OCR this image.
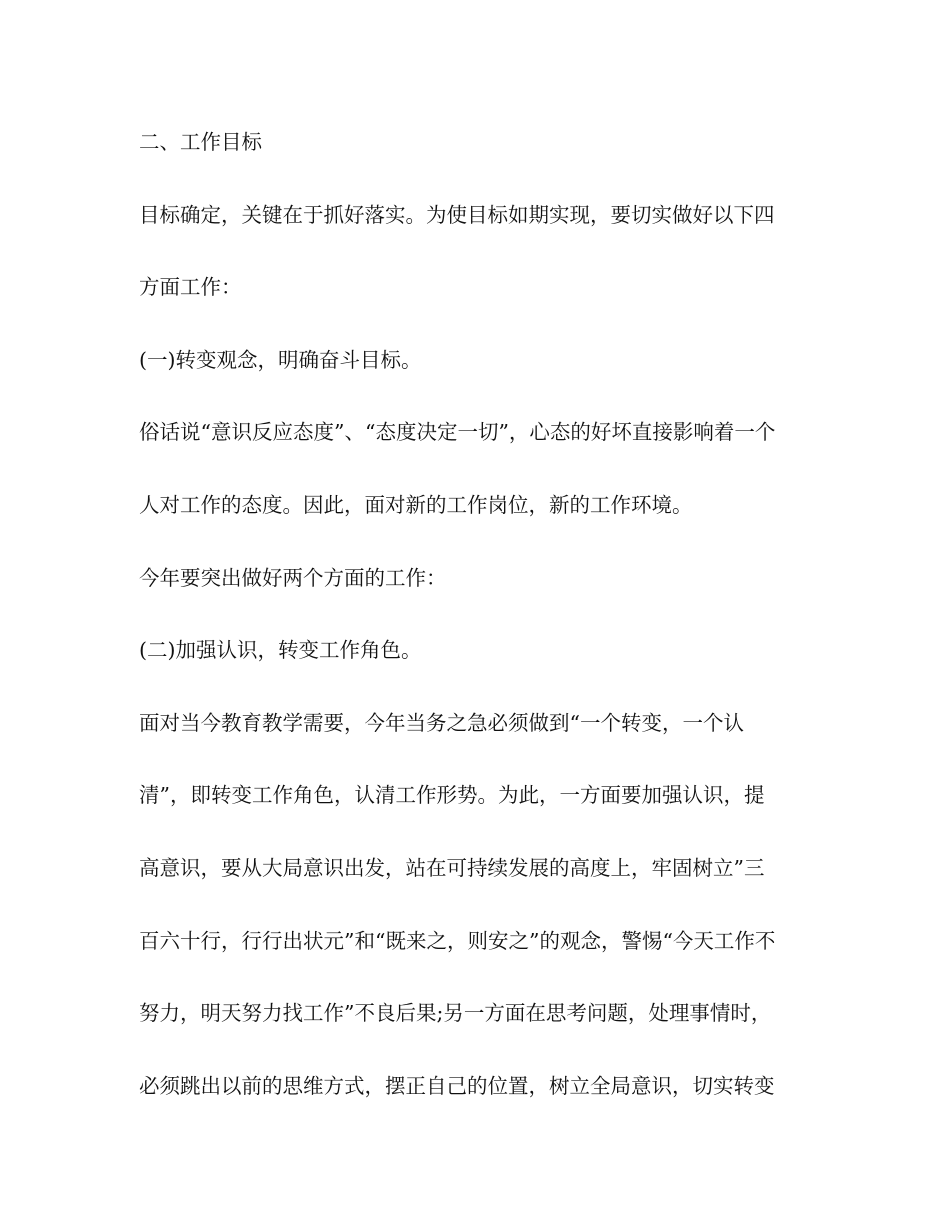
二、工作目标
目标确定，关键在于抓好落实。为使目标如期实现，要切实做好以下四
方面工作：
(一)转变观念，明确奋斗目标。
俗话说“意识反应态度”、“态度决定一切”，心态的好坏直接影响着一个
人对工作的态度。因此，面对新的工作岗位，新的工作环境。
今年要突出做好两个方面的工作：
(二)加强认识，转变工作角色。
面对当今教育教学需要，今年当务之急必须做到“一个转变，一个认
清”，即转变工作角色，认清工作形势。为此，一方面要加强认识，提
高意识，要从大局意识出发，站在可持续发展的高度上，牢固树立”三
百六十行，行行出状元”和“既来之，则安之”的观念，警惕“今天工作不
努力，明天努力找工作”不良后果;另一方面在思考问题，处理事情时，
必须跳出以前的思维方式，摆正自己的位置，树立全局意识，切实转变
